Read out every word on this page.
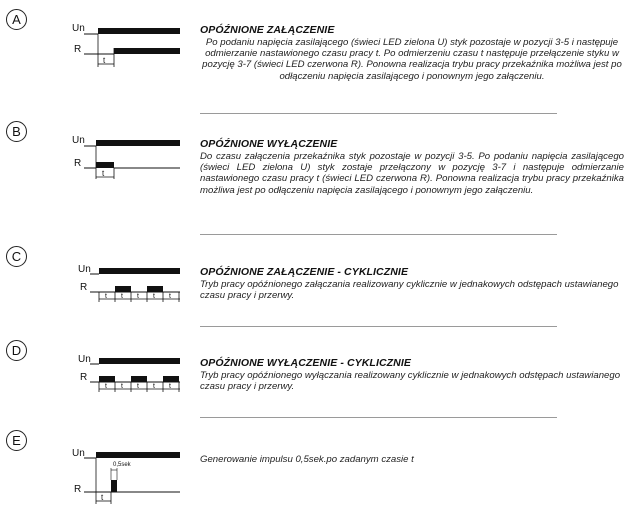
A
Un
R
t
OPÓŹNIONE ZAŁĄCZENIE
Po podaniu napięcia zasilającego (świeci LED zielona U) styk pozostaje w pozycji 3-5 i następuje odmierzanie nastawionego czasu pracy t. Po odmierzeniu czasu t następuje przełączenie styku w pozycję 3-7 (świeci LED czerwona R). Ponowna realizacja trybu pracy przekaźnika możliwa jest po odłączeniu napięcia zasilającego i ponownym jego załączeniu.
B
Un
R
t
OPÓŹNIONE WYŁĄCZENIE
Do czasu załączenia przekaźnika styk pozostaje w pozycji 3-5. Po podaniu napięcia zasilającego (świeci LED zielona U) styk zostaje przełączony w pozycję 3-7 i następuje odmierzanie nastawionego czasu pracy t (świeci LED czerwona R). Ponowna realizacja trybu pracy przekaźnika możliwa jest po odłączeniu napięcia zasilającego i ponownym jego załączeniu.
C
Un
R
t t t t t
OPÓŹNIONE ZAŁĄCZENIE - CYKLICZNIE
Tryb pracy opóźnionego załączania realizowany cyklicznie w jednakowych odstępach ustawianego czasu pracy i przerwy.
D
Un
R
t t t t t
OPÓŹNIONE WYŁĄCZENIE - CYKLICZNIE
Tryb pracy opóźnionego wyłączania realizowany cyklicznie w jednakowych odstępach ustawianego czasu pracy i przerwy.
E
Un
R
0,5sek
t
Generowanie impulsu 0,5sek.po zadanym czasie t
